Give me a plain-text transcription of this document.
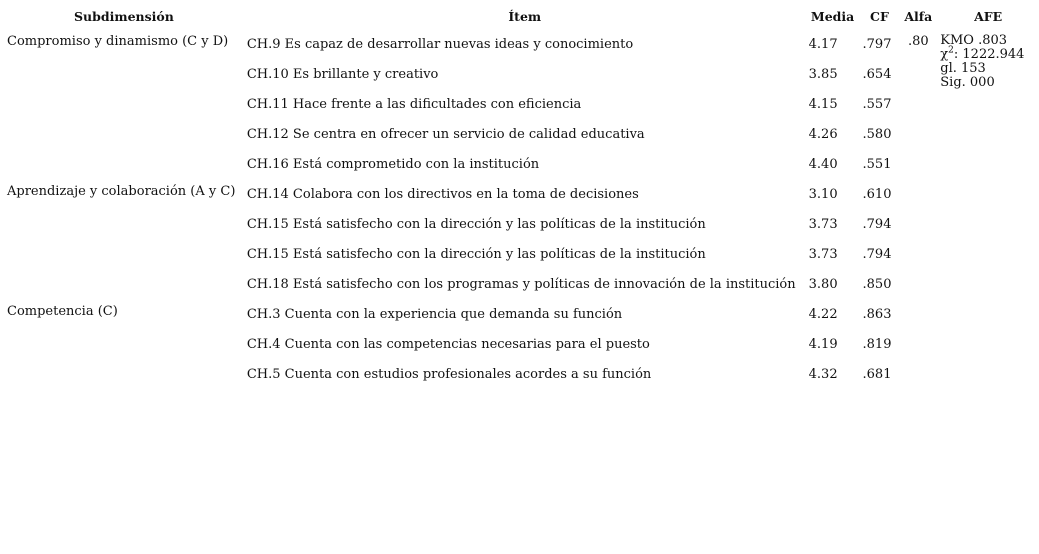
Subdimensión	Ítem	Media	CF	Alfa	AFE
Compromiso y dinamismo (C y D)	CH.9 Es capaz de desarrollar nuevas ideas y conocimiento	4.17	.797	.80	KMO .803
$\chi^2$: 1222.944
gl. 153
Sig. 000

	CH.10 Es brillante y creativo	3.85	.654		
	CH.11 Hace frente a las dificultades con eficiencia	4.15	.557		
	CH.12 Se centra en ofrecer un servicio de calidad educativa	4.26	.580		
	CH.16 Está comprometido con la institución	4.40	.551		
Aprendizaje y colaboración (A y C)	CH.14 Colabora con los directivos en la toma de decisiones	3.10	.610		
	CH.15 Está satisfecho con la dirección y las políticas de la institución	3.73	.794		
	CH.15 Está satisfecho con la dirección y las políticas de la institución	3.73	.794		
	CH.18 Está satisfecho con los programas y políticas de innovación de la institución	3.80	.850		
Competencia (C)	CH.3 Cuenta con la experiencia que demanda su función	4.22	.863		
	CH.4 Cuenta con las competencias necesarias para el puesto	4.19	.819		
	CH.5 Cuenta con estudios profesionales acordes a su función	4.32	.681		
